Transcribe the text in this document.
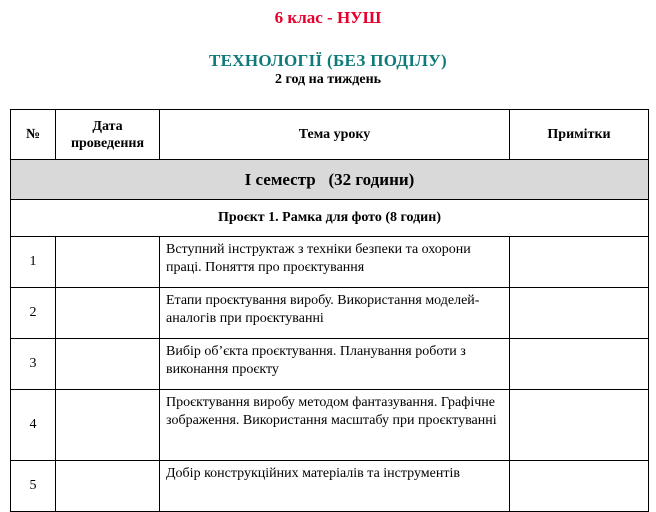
6 клас - НУШ
ТЕХНОЛОГІЇ (БЕЗ ПОДІЛУ)
2 год на тиждень
№	Дата проведення	Тема уроку	Примітки
І семестр   (32 години)			
Проєкт 1. Рамка для фото (8 годин)			
1		Вступний інструктаж з техніки безпеки та охорони праці. Поняття про проєктування	
2		Етапи проєктування виробу. Використання моделей-аналогів при проєктуванні	
3		Вибір об’єкта проєктування. Планування роботи з виконання проєкту	
4		Проєктування виробу методом фантазування. Графічне зображення. Використання масштабу при проєктуванні	
5		Добір конструкційних матеріалів та інструментів	
